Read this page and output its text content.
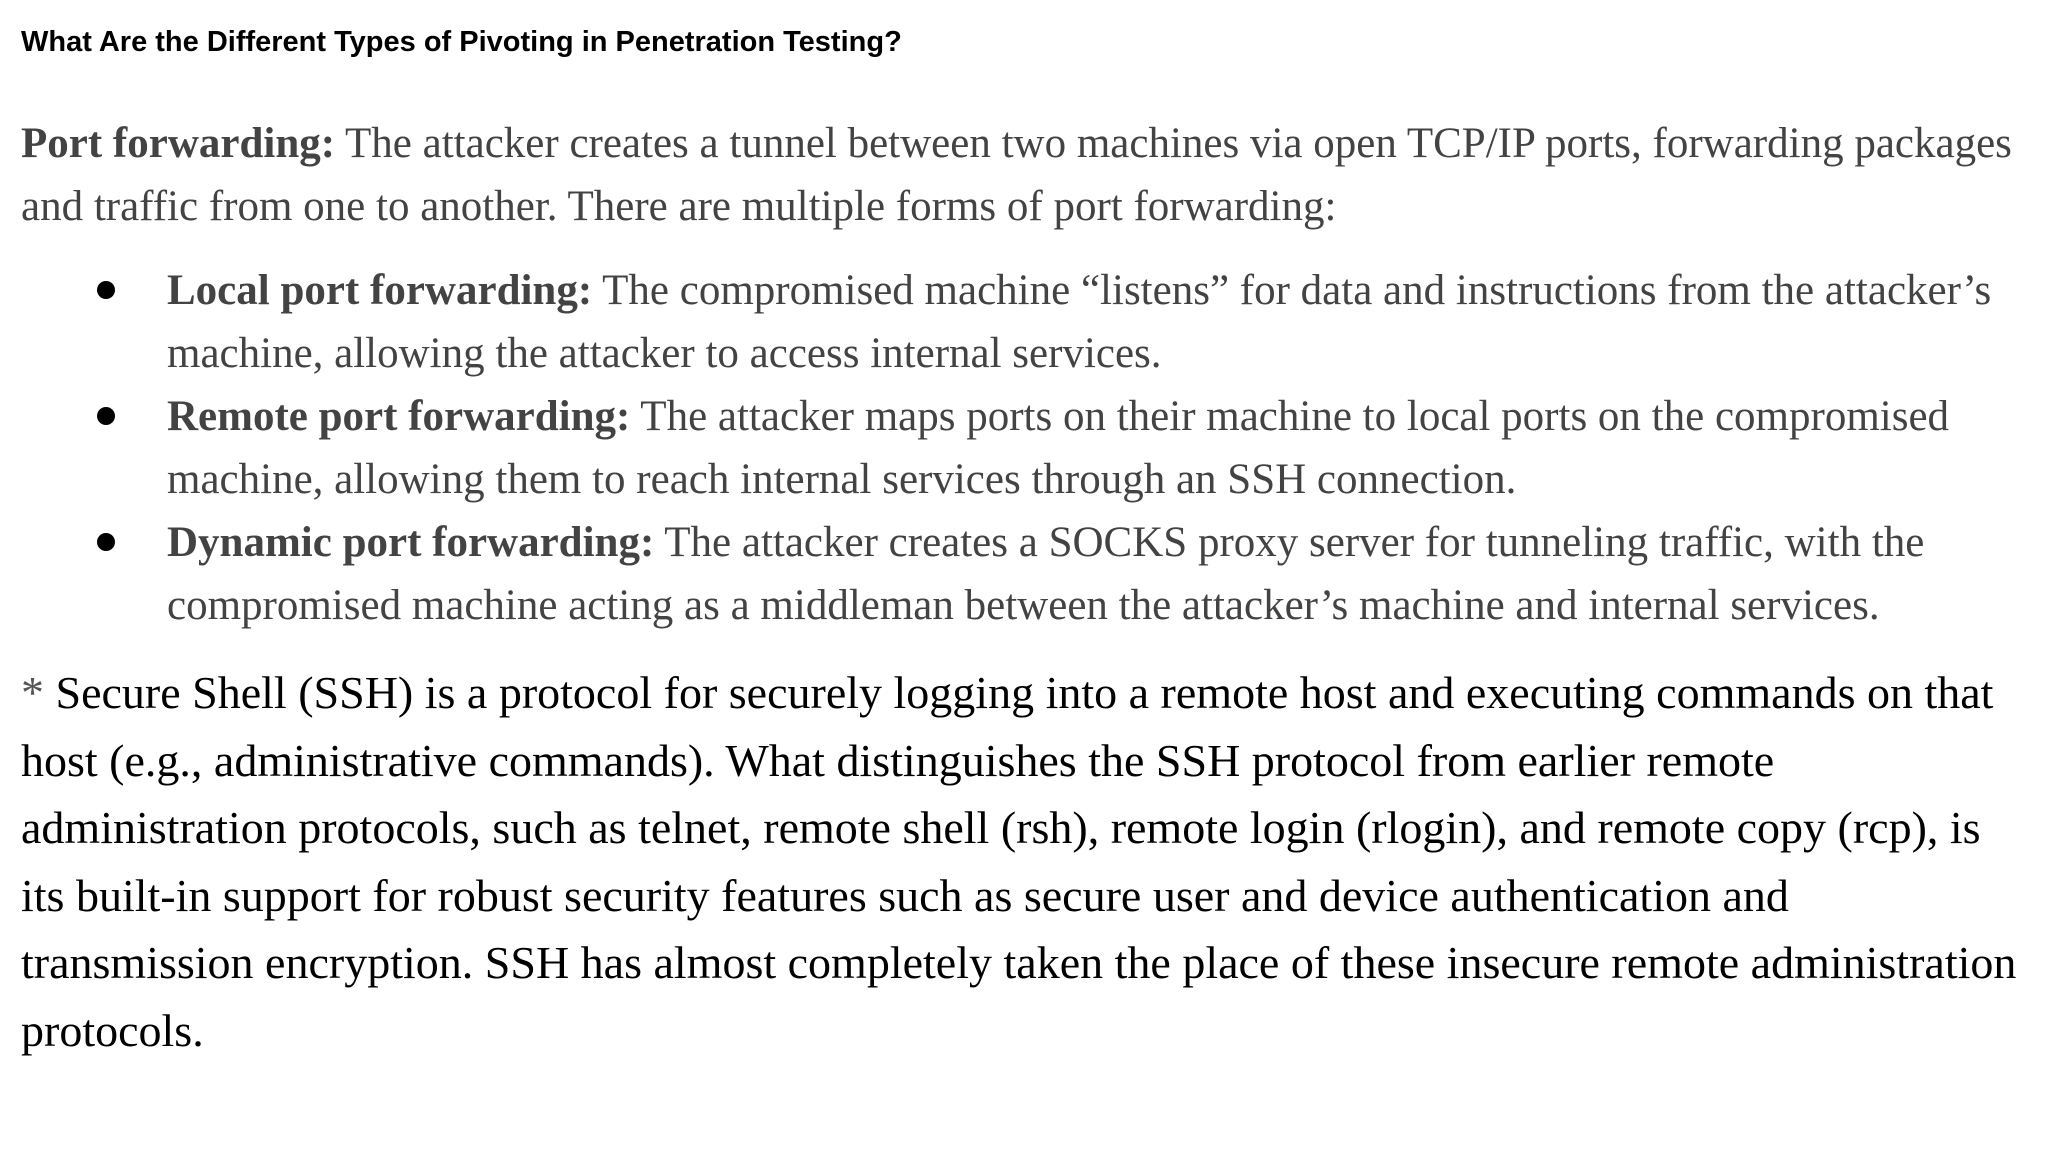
What Are the Different Types of Pivoting in Penetration Testing?

Port forwarding: The attacker creates a tunnel between two machines via open TCP/IP ports, forwarding packages and traffic from one to another. There are multiple forms of port forwarding:

Local port forwarding: The compromised machine “listens” for data and instructions from the attacker’s machine, allowing the attacker to access internal services.
Remote port forwarding: The attacker maps ports on their machine to local ports on the compromised machine, allowing them to reach internal services through an SSH connection.
Dynamic port forwarding: The attacker creates a SOCKS proxy server for tunneling traffic, with the compromised machine acting as a middleman between the attacker’s machine and internal services.

* Secure Shell (SSH) is a protocol for securely logging into a remote host and executing commands on that host (e.g., administrative commands). What distinguishes the SSH protocol from earlier remote administration protocols, such as telnet, remote shell (rsh), remote login (rlogin), and remote copy (rcp), is its built-in support for robust security features such as secure user and device authentication and transmission encryption. SSH has almost completely taken the place of these insecure remote administration protocols.
